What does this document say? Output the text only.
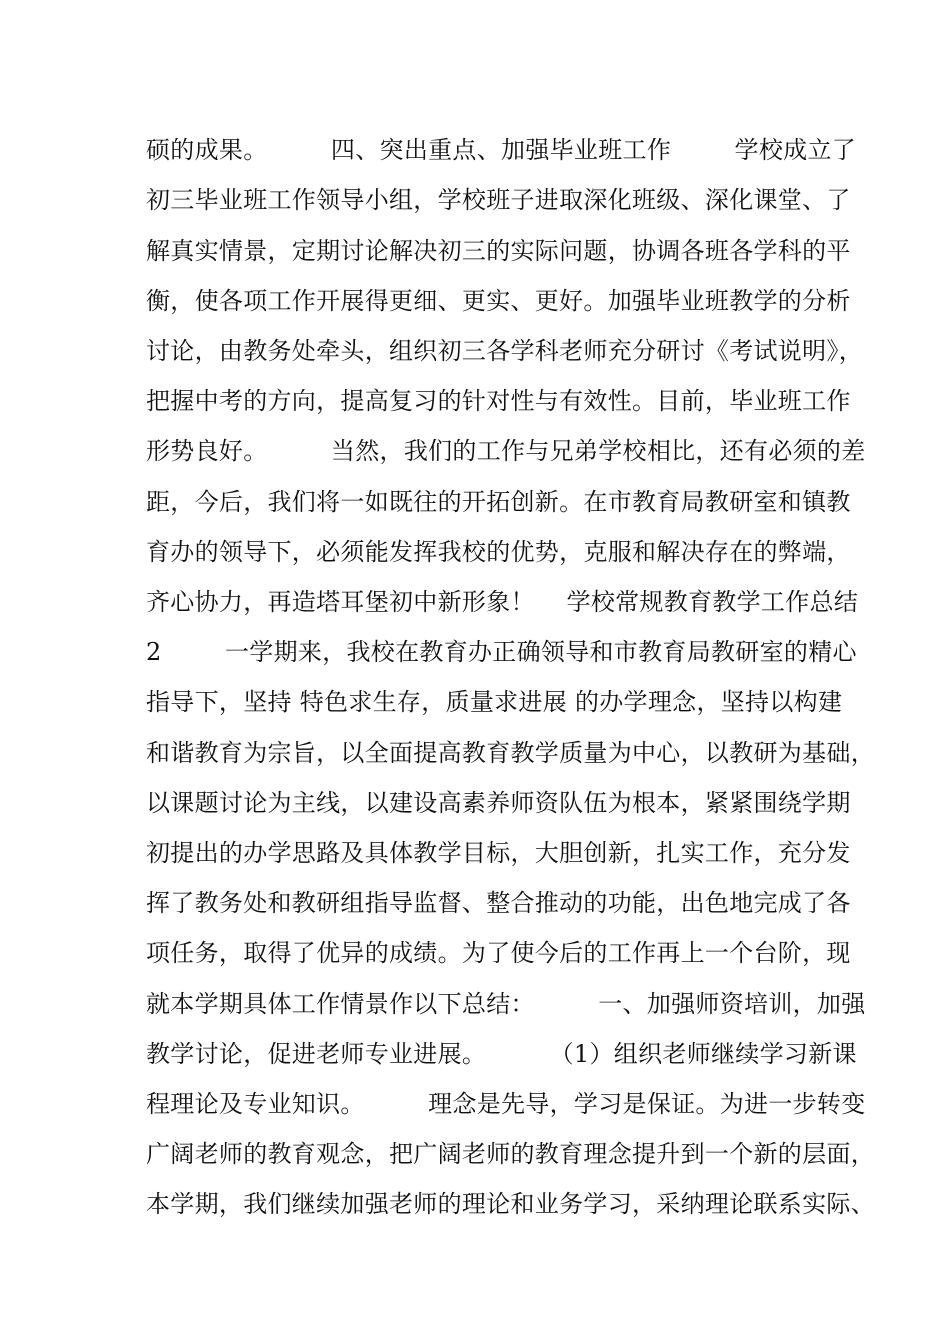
硕的成果。        四、突出重点、加强毕业班工作        学校成立了
初三毕业班工作领导小组，学校班子进取深化班级、深化课堂、了
解真实情景，定期讨论解决初三的实际问题，协调各班各学科的平
衡，使各项工作开展得更细、更实、更好。加强毕业班教学的分析
讨论，由教务处牵头，组织初三各学科老师充分研讨《考试说明》，
把握中考的方向，提高复习的针对性与有效性。目前，毕业班工作
形势良好。        当然，我们的工作与兄弟学校相比，还有必须的差
距，今后，我们将一如既往的开拓创新。在市教育局教研室和镇教
育办的领导下，必须能发挥我校的优势，克服和解决存在的弊端，
齐心协力，再造塔耳堡初中新形象！    学校常规教育教学工作总结
2        一学期来，我校在教育办正确领导和市教育局教研室的精心
指导下，坚持 特色求生存，质量求进展 的办学理念，坚持以构建
和谐教育为宗旨，以全面提高教育教学质量为中心，以教研为基础，
以课题讨论为主线，以建设高素养师资队伍为根本，紧紧围绕学期
初提出的办学思路及具体教学目标，大胆创新，扎实工作，充分发
挥了教务处和教研组指导监督、整合推动的功能，出色地完成了各
项任务，取得了优异的成绩。为了使今后的工作再上一个台阶，现
就本学期具体工作情景作以下总结：        一、加强师资培训，加强
教学讨论，促进老师专业进展。        （1）组织老师继续学习新课
程理论及专业知识。        理念是先导，学习是保证。为进一步转变
广阔老师的教育观念，把广阔老师的教育理念提升到一个新的层面，
本学期，我们继续加强老师的理论和业务学习，采纳理论联系实际、
